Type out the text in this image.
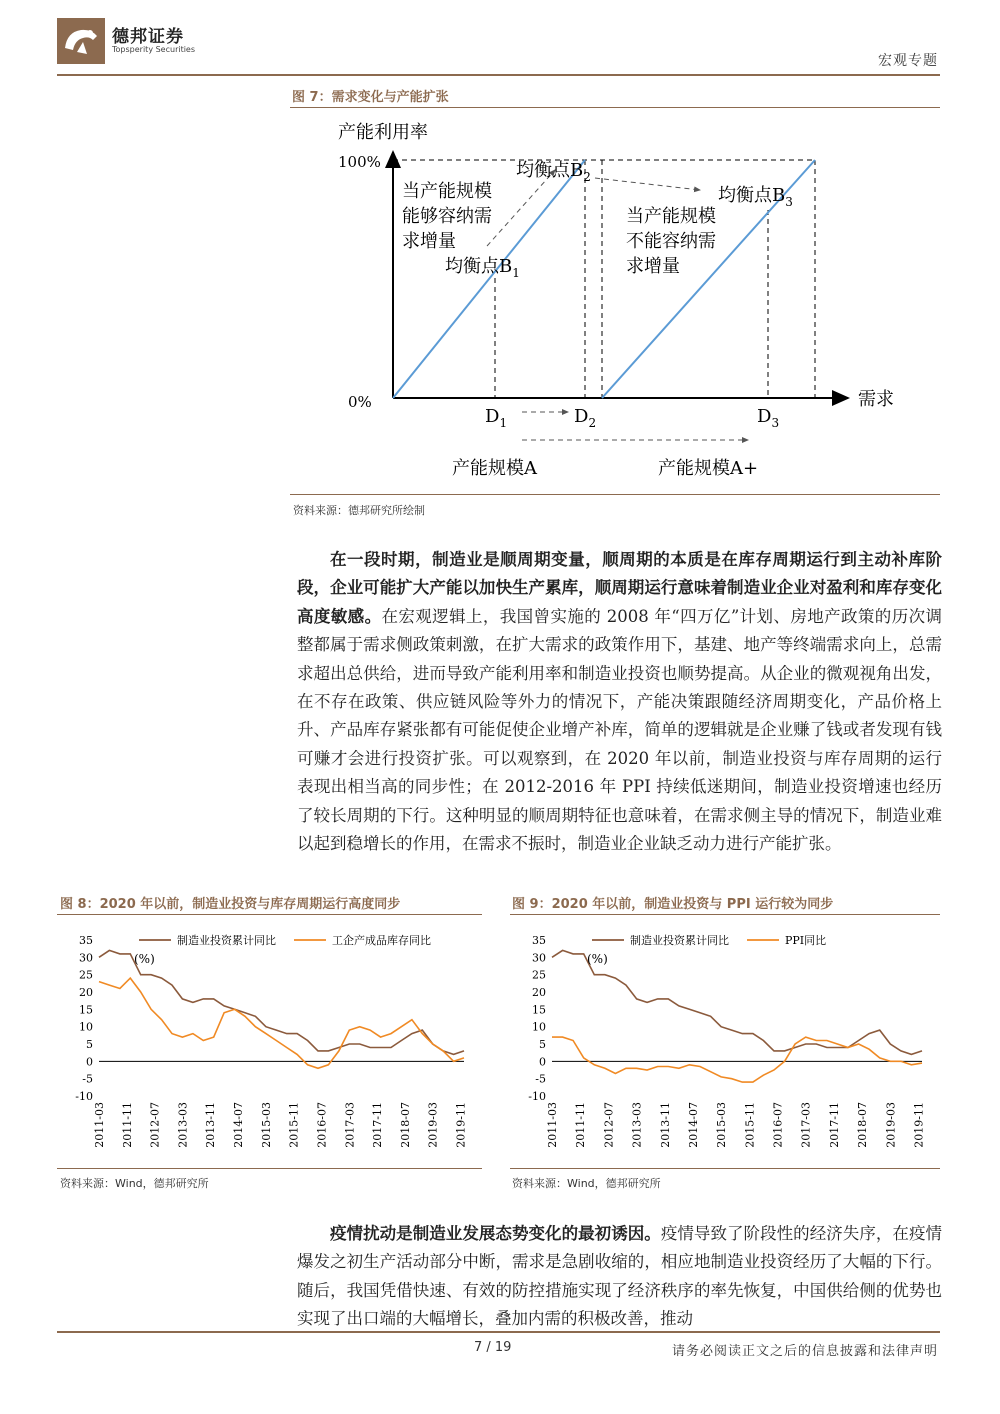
德邦证券
Topsperity Securities
宏观专题
图 7：需求变化与产能扩张
产能利用率
100%
0%	需求
当产能规模
能够容纳需
求增量
当产能规模
不能容纳需
求增量
均衡点$B_1$
均衡点$B_2$
均衡点$B_3$
$D_1$	$D_2$	$D_3$
产能规模A	产能规模A+
资料来源：德邦研究所绘制
在一段时期，制造业是顺周期变量，顺周期的本质是在库存周期运行到主动补库阶段，企业可能扩大产能以加快生产累库，顺周期运行意味着制造业企业对盈利和库存变化高度敏感。在宏观逻辑上，我国曾实施的 2008 年“四万亿”计划、房地产政策的历次调整都属于需求侧政策刺激，在扩大需求的政策作用下，基建、地产等终端需求向上，总需求超出总供给，进而导致产能利用率和制造业投资也顺势提高。从企业的微观视角出发，在不存在政策、供应链风险等外力的情况下，产能决策跟随经济周期变化，产品价格上升、产品库存紧张都有可能促使企业增产补库，简单的逻辑就是企业赚了钱或者发现有钱可赚才会进行投资扩张。可以观察到，在 2020 年以前，制造业投资与库存周期的运行表现出相当高的同步性；在 2012-2016 年 PPI 持续低迷期间，制造业投资增速也经历了较长周期的下行。这种明显的顺周期特征也意味着，在需求侧主导的情况下，制造业难以起到稳增长的作用，在需求不振时，制造业企业缺乏动力进行产能扩张。
图 8：2020 年以前，制造业投资与库存周期运行高度同步
35
30
25
20
15
10
5
0
-5
-10
2011-03 2011-11 2012-07 2013-03 2013-11 2014-07 2015-03 2015-11 2016-07 2017-03 2017-11 2018-07 2019-03 2019-11
制造业投资累计同比	工企产成品库存同比
(%)
资料来源：Wind，德邦研究所
图 9：2020 年以前，制造业投资与 PPI 运行较为同步
35
30
25
20
15
10
5
0
-5
-10
2011-03 2011-11 2012-07 2013-03 2013-11 2014-07 2015-03 2015-11 2016-07 2017-03 2017-11 2018-07 2019-03 2019-11
制造业投资累计同比	PPI同比
(%)
资料来源：Wind，德邦研究所
疫情扰动是制造业发展态势变化的最初诱因。疫情导致了阶段性的经济失序，在疫情爆发之初生产活动部分中断，需求是急剧收缩的，相应地制造业投资经历了大幅的下行。随后，我国凭借快速、有效的防控措施实现了经济秩序的率先恢复，中国供给侧的优势也实现了出口端的大幅增长，叠加内需的积极改善，推动
7 / 19	请务必阅读正文之后的信息披露和法律声明
